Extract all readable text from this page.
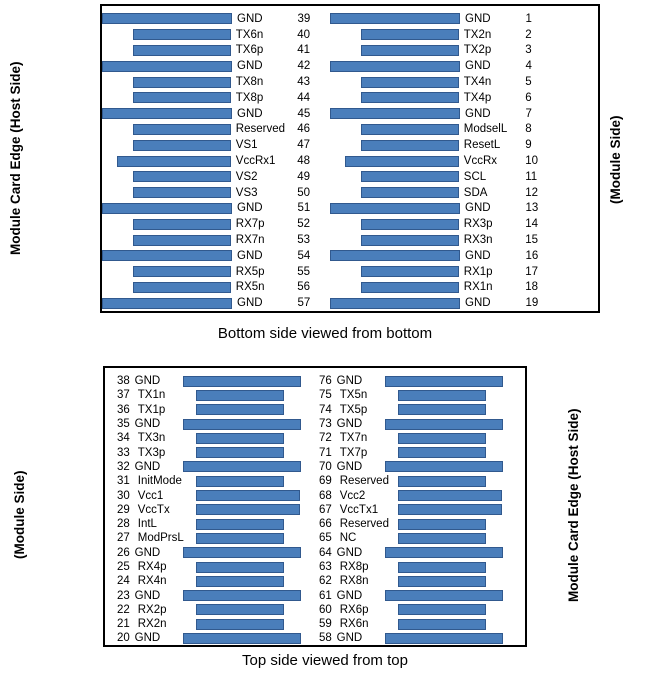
Module Card Edge (Host Side)	(Module Side)
(Module Side)	Module Card Edge (Host Side)
GND	39
TX6n	40
TX6p	41
GND	42
TX8n	43
TX8p	44
GND	45
Reserved	46
VS1	47
VccRx1	48
VS2	49
VS3	50
GND	51
RX7p	52
RX7n	53
GND	54
RX5p	55
RX5n	56
GND	57
GND	1
TX2n	2
TX2p	3
GND	4
TX4n	5
TX4p	6
GND	7
ModselL	8
ResetL	9
VccRx	10
SCL	11
SDA	12
GND	13
RX3p	14
RX3n	15
GND	16
RX1p	17
RX1n	18
GND	19
Bottom side viewed from bottom
38 GND
37 TX1n
36 TX1p
35 GND
34 TX3n
33 TX3p
32 GND
31 InitMode
30 Vcc1
29 VccTx
28 IntL
27 ModPrsL
26 GND
25 RX4p
24 RX4n
23 GND
22 RX2p
21 RX2n
20 GND
76 GND
75 TX5n
74 TX5p
73 GND
72 TX7n
71 TX7p
70 GND
69 Reserved
68 Vcc2
67 VccTx1
66 Reserved
65 NC
64 GND
63 RX8p
62 RX8n
61 GND
60 RX6p
59 RX6n
58 GND
Top side viewed from top
